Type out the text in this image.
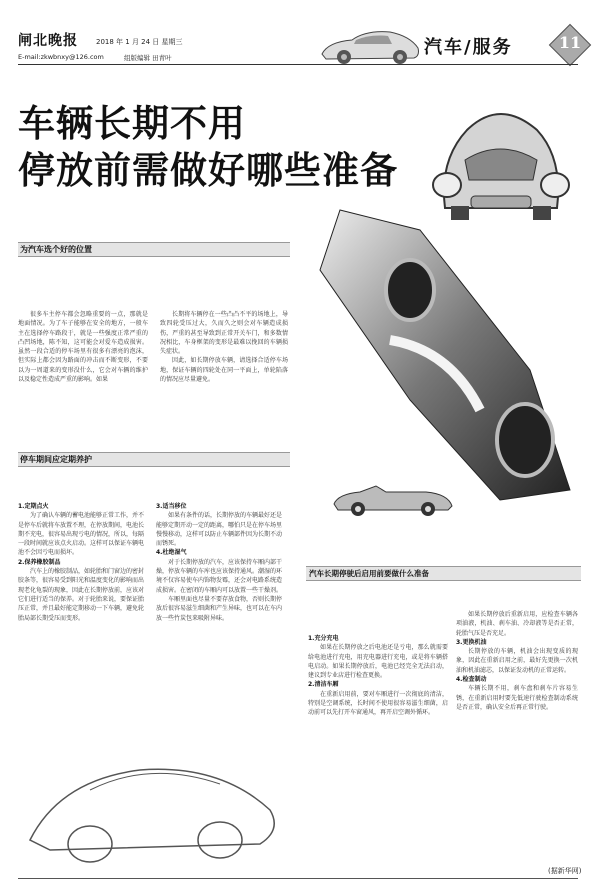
闸北晚报	2018 年 1 月 24 日 星期三
E-mail:zkwbnxy@126.com	组版编辑 田青叶	汽车/服务	11
车辆长期不用
停放前需做好哪些准备
为汽车选个好的位置

很多车主停车都会忽略重要的一点，那就是地面情况。为了车子能够在安全的地方，一般车主在选择停车路段于，就是一些强度正常严重的凸凹场地，陈不知，这可能会对爱车造成损害。虽然一段合适的停车场里有很多有漂亮的泡沫，但实际上都会因为路面的冲击而不断变形，不要以为一周道来的变形没什么，它会对车辆的维护以及稳定性造成严重的影响。如果

长期将车辆停在一些凸凸不平的场地上，导致四轮受压过大，久而久之则会对车辆造成损伤，严重的甚至导致到正常开关车门，和多数情况相比，车身框架的变形是最难以挽回的车辆损失症状。

因此，如长期停放车辆，请选择合适停车场地，保证车辆的四轮处在同一平面上，单轮陷落的情况应尽量避免。

停车期间应定期养护

1.定期点火

为了确认车辆的蓄电池能够正常工作，并不是停车后就将车放置不理，在停放期间，电池长期不充电，很容易出现亏电的情况，所以，每隔一段时间就应该点火启动。这样可以保证车辆电池不会因亏电而损坏。

2.保养橡胶制品

汽车上的橡胶制品，如轮胎和门窗边的密封胶条等，很容易受到阳光和温度变化的影响而出现老化龟裂的现象，因此在长期停放前，应该对它们进行适当的保养。对于轮胎来说，要保证胎压正常，并且最好能定期移动一下车辆，避免轮胎局部长期受压而变形。

3.适当移位

如果有条件的话，长期停放的车辆最好还是能够定期开动一定的距离，哪怕只是在停车场里慢慢移动，这样可以防止车辆部件因为长期不动而锈死。

4.杜绝湿气

对于长期停放的汽车，应该保持车厢内部干燥，停放车辆的车库也应该保持通风。潮湿的环境不仅容易使车内饰物发霉，还会对电路系统造成损害。在密闭的车厢内可以放置一些干燥剂。

车厢里面也尽量不要存放食物，否则长期停放后很容易滋生细菌和产生异味，也可以在车内放一些竹炭包来吸附异味。

汽车长期停驶后启用前要做什么准备

1.充分充电

如果在长期停放之后电池还是亏电，那么就需要给电池进行充电，用充电器进行充电，或是将车辆搭电启动。如果长期停放后，电池已经完全无法启动，建议到专业店进行检查更换。

2.清洁车厢

在重新启用前，要对车厢进行一次彻底的清洁，特别是空调系统，长时间不使用很容易滋生细菌，启动前可以先打开车窗通风，再开启空调外循环。

如果长期停放后重新启用，应检查车辆各项油液，机油、刹车油、冷却液等是否正常，轮胎气压是否充足。

3.更换机油

长期停放的车辆，机油会出现变质的现象，因此在重新启用之前，最好先更换一次机油和机油滤芯，以保证发动机的正常运转。

4.检查制动

车辆长期不用，刹车盘和刹车片容易生锈，在重新启用时要先低速行驶检查制动系统是否正常，确认安全后再正常行驶。

(据新华网)
